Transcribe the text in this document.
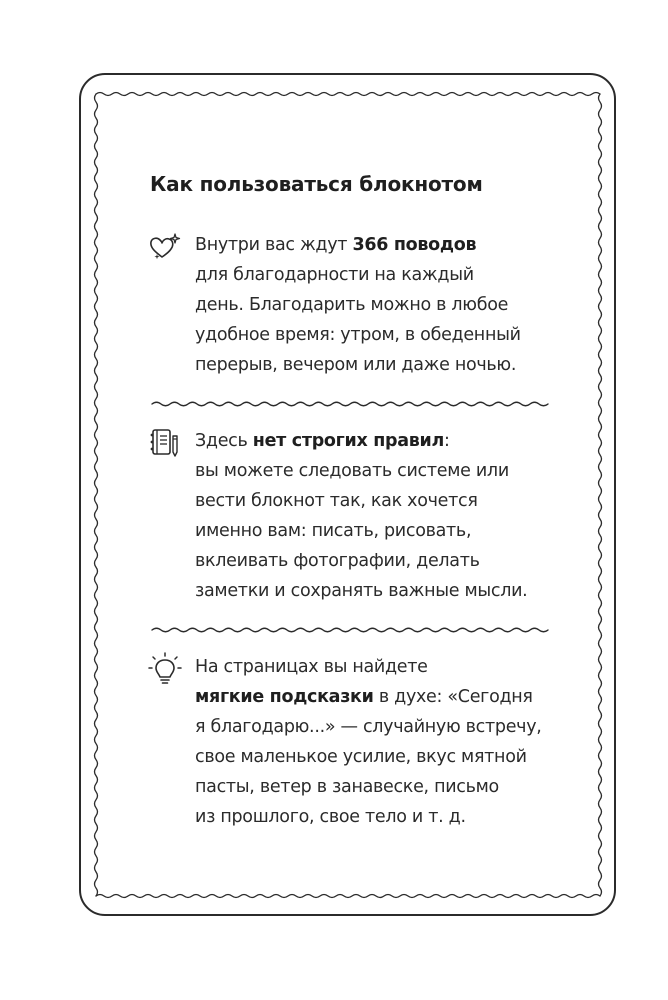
Как пользоваться блокнотом

Внутри вас ждут 366 поводов
для благодарности на каждый
день. Благодарить можно в любое
удобное время: утром, в обеденный
перерыв, вечером или даже ночью.

Здесь нет строгих правил:
вы можете следовать системе или
вести блокнот так, как хочется
именно вам: писать, рисовать,
вклеивать фотографии, делать
заметки и сохранять важные мысли.

На страницах вы найдете
мягкие подсказки в духе: «Сегодня
я благодарю...» — случайную встречу,
свое маленькое усилие, вкус мятной
пасты, ветер в занавеске, письмо
из прошлого, свое тело и т. д.
